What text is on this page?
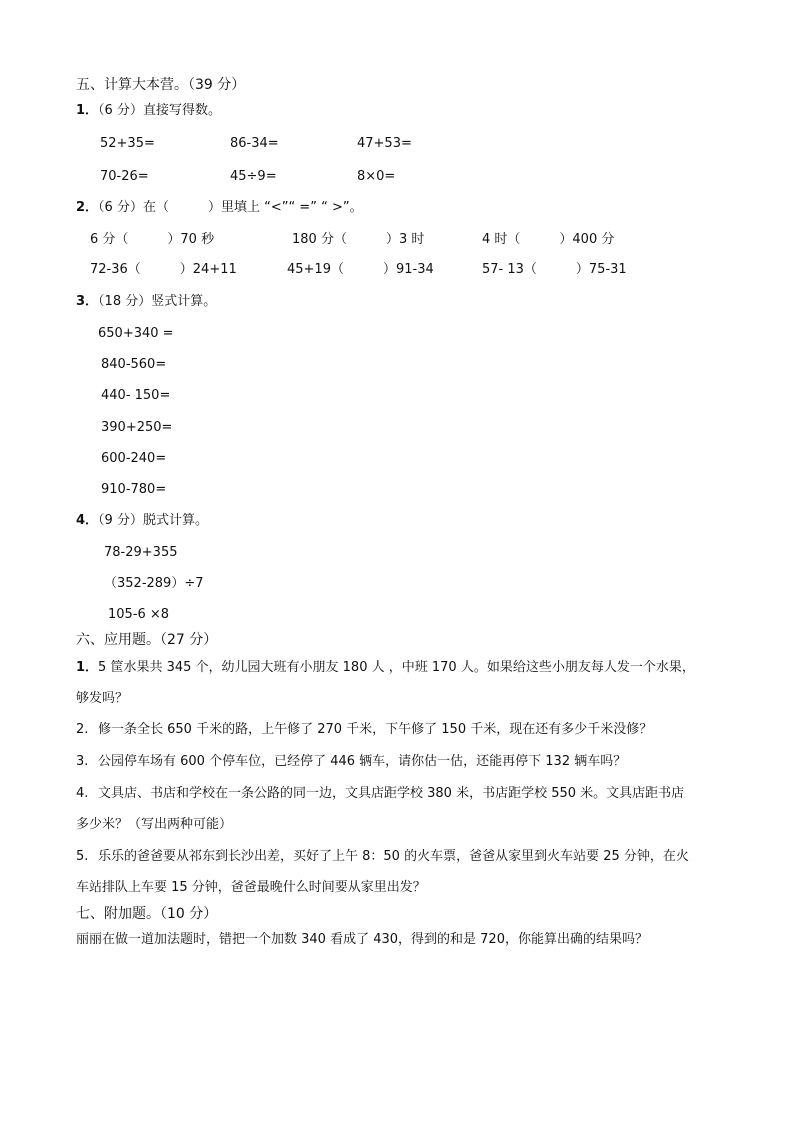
五、计算大本营。（39 分）
1．（6 分）直接写得数。
52+35=	86-34=	47+53=
70-26=	45÷9=	8×0=
2．（6 分）在（　　　）里填上 “<”“ =” “ >”。
6 分（　　　）70 秒	180 分（　　　）3 时	4 时（　　　）400 分
72-36（　　　）24+11	45+19（　　　）91-34	57- 13（　　　）75-31
3．（18 分）竖式计算。
650+340 =
840-560=
440- 150=
390+250=
600-240=
910-780=
4．（9 分）脱式计算。
78-29+355
（352-289）÷7
105-6 ×8
六、应用题。（27 分）
1．5 筐水果共 345 个，幼儿园大班有小朋友 180 人 ，中班 170 人。如果给这些小朋友每人发一个水果，
够发吗？
2. 修一条全长 650 千米的路，上午修了 270 千米，下午修了 150 千米，现在还有多少千米没修？
3. 公园停车场有 600 个停车位，已经停了 446 辆车，请你估一估，还能再停下 132 辆车吗？
4. 文具店、书店和学校在一条公路的同一边，文具店距学校 380 米，书店距学校 550 米。文具店距书店
多少米？（写出两种可能）
5. 乐乐的爸爸要从祁东到长沙出差，买好了上午 8：50 的火车票，爸爸从家里到火车站要 25 分钟，在火
车站排队上车要 15 分钟，爸爸最晚什么时间要从家里出发？
七、附加题。（10 分）
丽丽在做一道加法题时，错把一个加数 340 看成了 430，得到的和是 720，你能算出确的结果吗？
